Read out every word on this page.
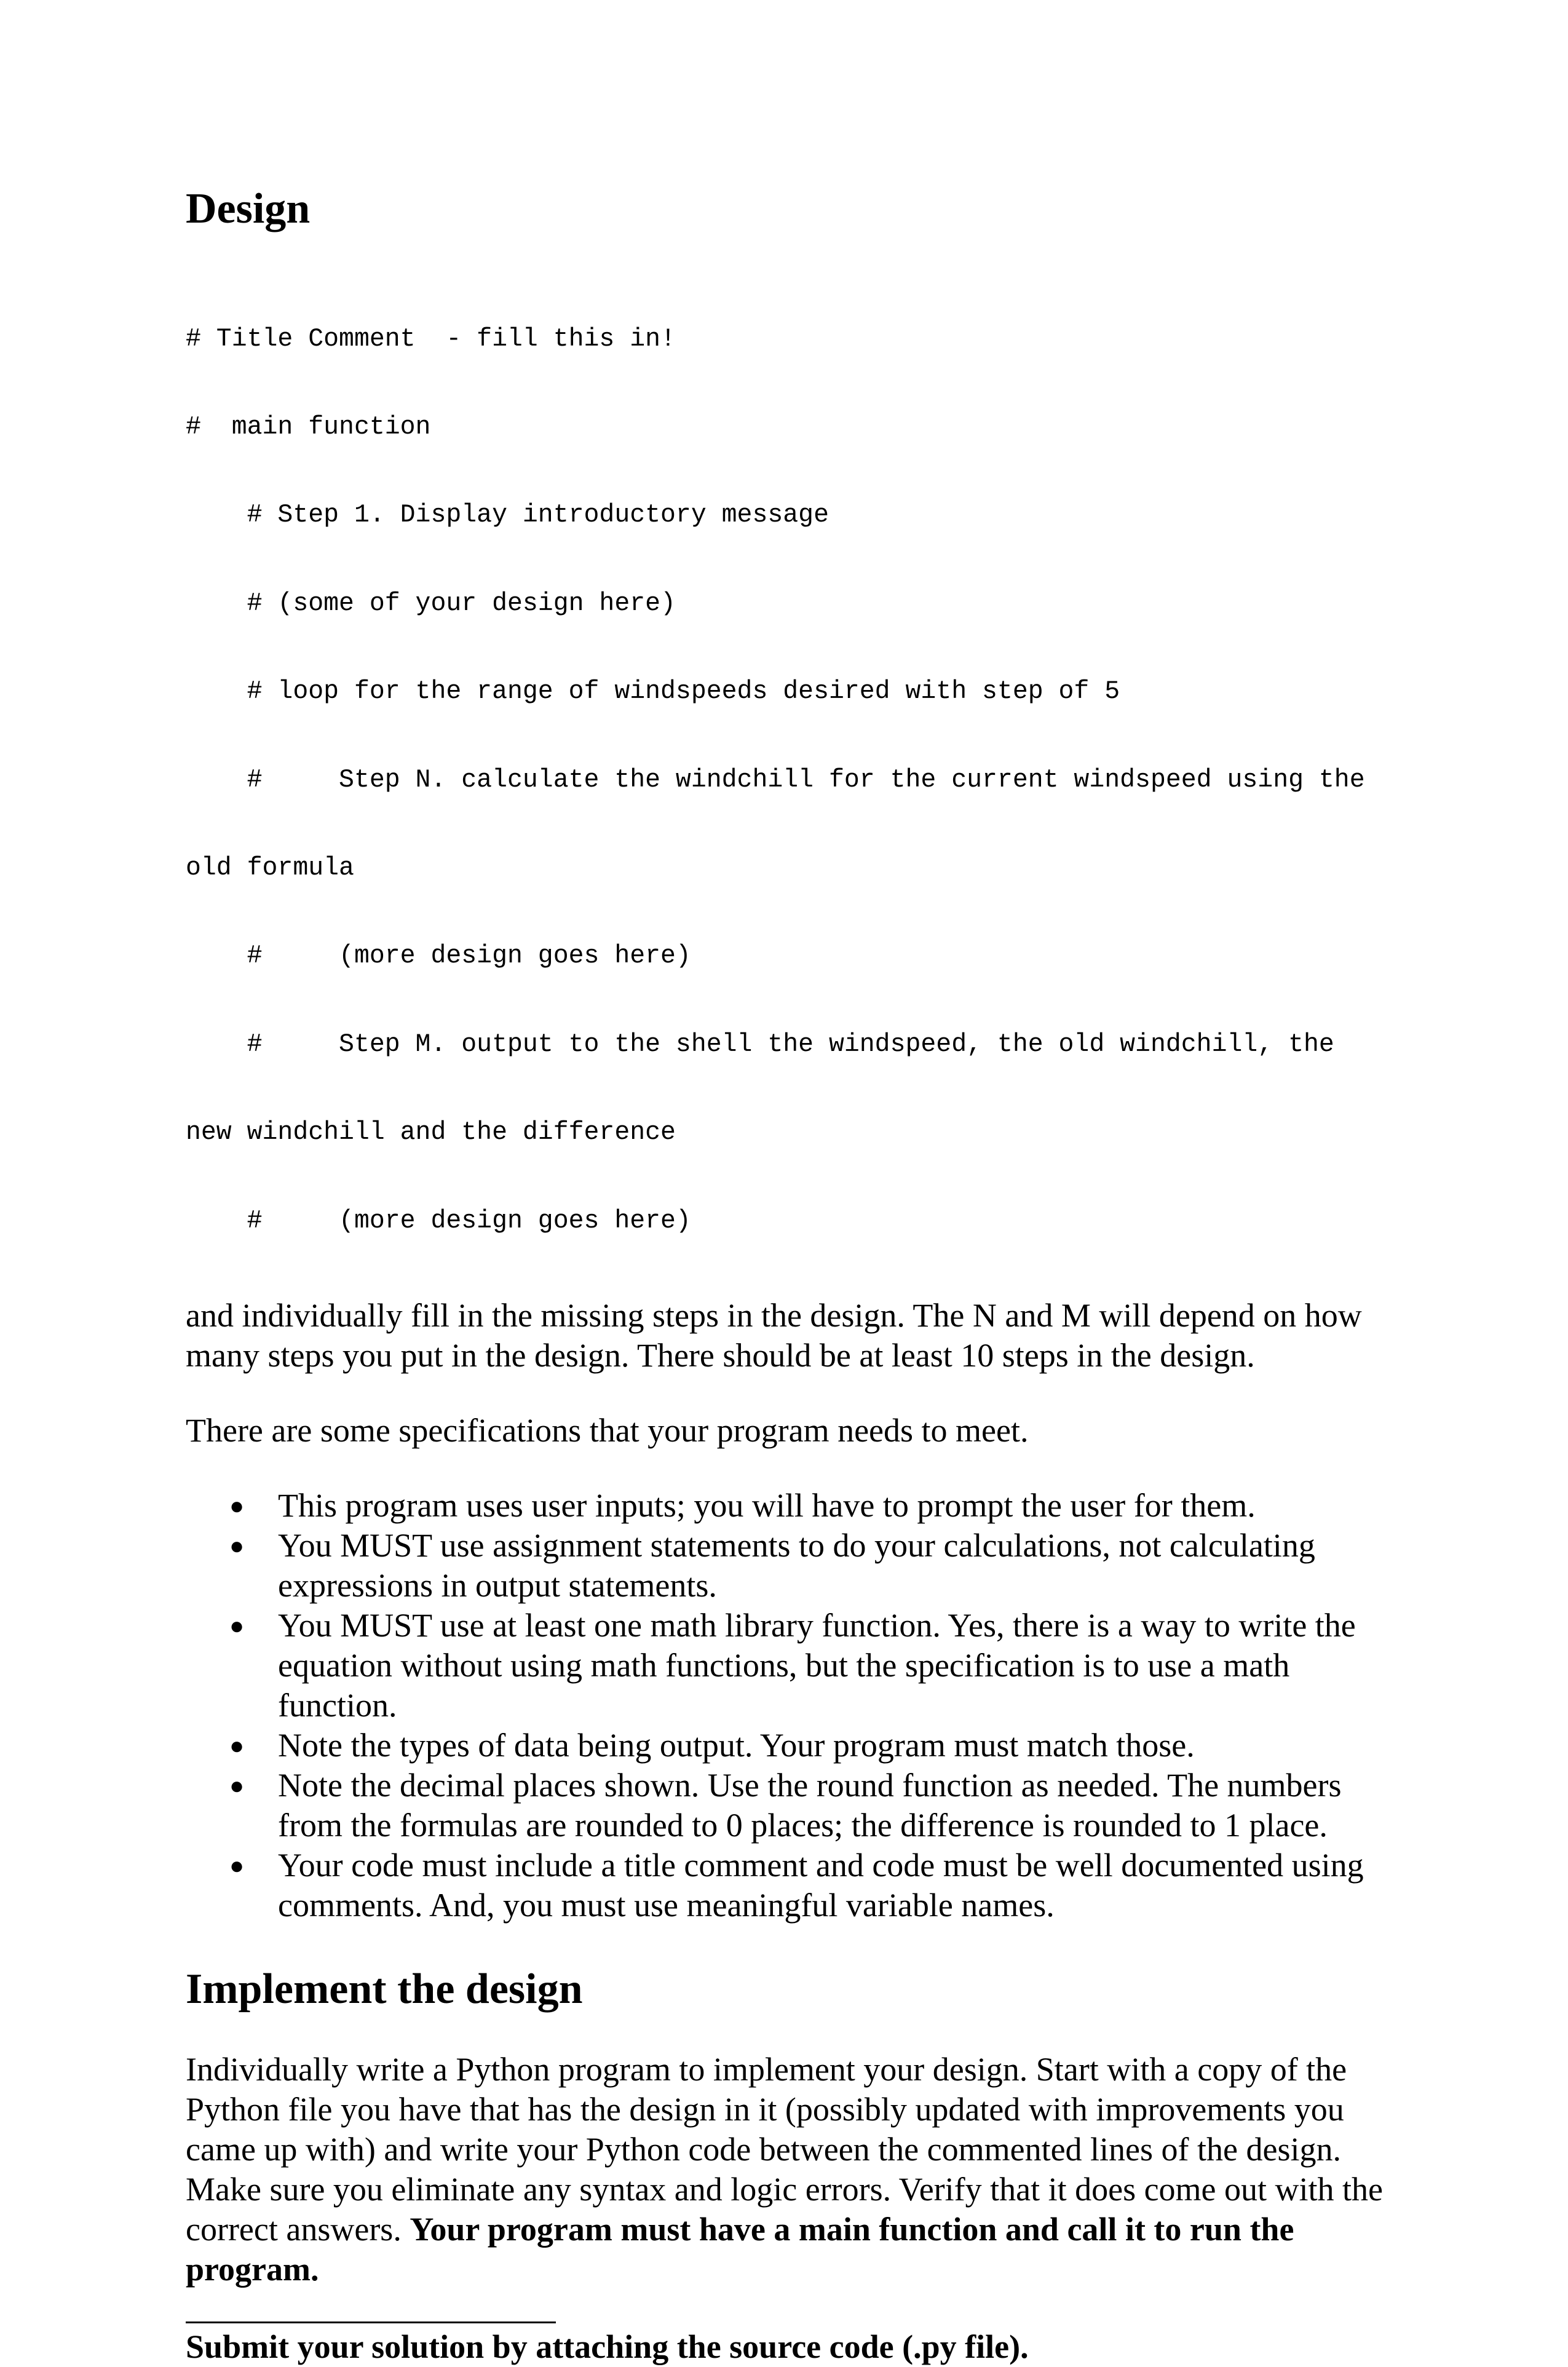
Design

# Title Comment  - fill this in!

#  main function

# Step 1. Display introductory message

# (some of your design here)

# loop for the range of windspeeds desired with step of 5

#     Step N. calculate the windchill for the current windspeed using the

old formula

#     (more design goes here)

#     Step M. output to the shell the windspeed, the old windchill, the

new windchill and the difference

#     (more design goes here)

and individually fill in the missing steps in the design. The N and M will depend on how many steps you put in the design. There should be at least 10 steps in the design.

There are some specifications that your program needs to meet.

● This program uses user inputs; you will have to prompt the user for them.
● You MUST use assignment statements to do your calculations, not calculating expressions in output statements.
● You MUST use at least one math library function. Yes, there is a way to write the equation without using math functions, but the specification is to use a math function.
● Note the types of data being output. Your program must match those.
● Note the decimal places shown. Use the round function as needed. The numbers from the formulas are rounded to 0 places; the difference is rounded to 1 place.
● Your code must include a title comment and code must be well documented using comments. And, you must use meaningful variable names.
Implement the design

Individually write a Python program to implement your design. Start with a copy of the Python file you have that has the design in it (possibly updated with improvements you came up with) and write your Python code between the commented lines of the design. Make sure you eliminate any syntax and logic errors. Verify that it does come out with the correct answers. Your program must have a main function and call it to run the program.

Submit your solution by attaching the source code (.py file).
